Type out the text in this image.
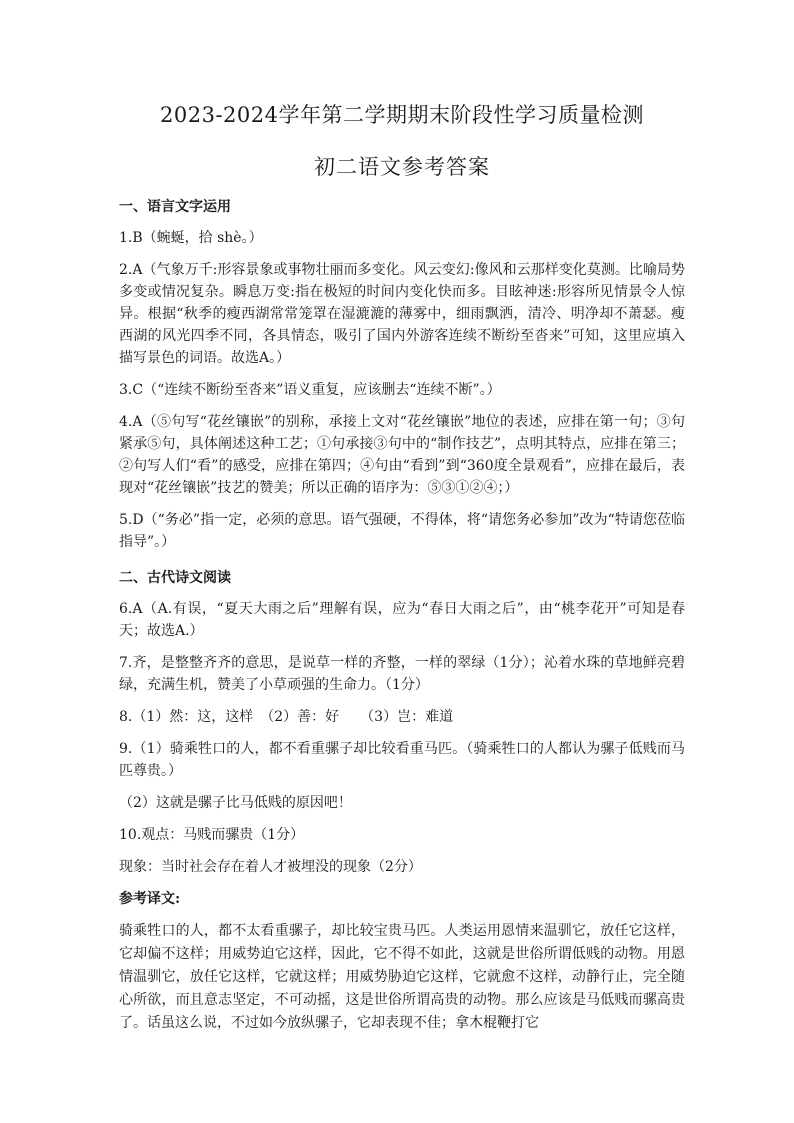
2023-2024学年第二学期期末阶段性学习质量检测
初二语文参考答案
一、语言文字运用

1.B（蜿蜒，拾 shè。）

2.A（气象万千:形容景象或事物壮丽而多变化。风云变幻:像风和云那样变化莫测。比喻局势多变或情况复杂。瞬息万变:指在极短的时间内变化快而多。目眩神迷:形容所见情景令人惊异。根据“秋季的瘦西湖常常笼罩在湿漉漉的薄雾中，细雨飘洒，清冷、明净却不萧瑟。瘦西湖的风光四季不同，各具情态，吸引了国内外游客连续不断纷至沓来”可知，这里应填入描写景色的词语。故选A。）

3.C（“连续不断纷至沓来”语义重复，应该删去“连续不断”。）

4.A（⑤句写“花丝镶嵌”的别称，承接上文对“花丝镶嵌”地位的表述，应排在第一句；③句紧承⑤句，具体阐述这种工艺；①句承接③句中的“制作技艺”，点明其特点，应排在第三；②句写人们“看”的感受，应排在第四；④句由“看到”到“360度全景观看”，应排在最后，表现对“花丝镶嵌”技艺的赞美；所以正确的语序为：⑤③①②④；）

5.D（“务必”指一定，必须的意思。语气强硬，不得体，将“请您务必参加”改为“特请您莅临指导”。）

二、古代诗文阅读

6.A（A.有误，“夏天大雨之后”理解有误，应为“春日大雨之后”，由“桃李花开”可知是春天；故选A.）

7.齐，是整整齐齐的意思，是说草一样的齐整，一样的翠绿（1分）；沁着水珠的草地鲜亮碧绿，充满生机，赞美了小草顽强的生命力。（1分）

8.（1）然：这，这样　（2）善：好　　（3）岂：难道

9.（1）骑乘牲口的人，都不看重骡子却比较看重马匹。（骑乘牲口的人都认为骡子低贱而马匹尊贵。）

（2）这就是骡子比马低贱的原因吧！

10.观点：马贱而骡贵（1分）

现象：当时社会存在着人才被埋没的现象（2分）

参考译文:

骑乘牲口的人，都不太看重骡子，却比较宝贵马匹。人类运用恩情来温驯它，放任它这样，它却偏不这样；用威势迫它这样，因此，它不得不如此，这就是世俗所谓低贱的动物。用恩情温驯它，放任它这样，它就这样；用威势胁迫它这样，它就愈不这样，动静行止，完全随心所欲，而且意志坚定，不可动摇，这是世俗所谓高贵的动物。那么应该是马低贱而骡高贵了。话虽这么说，不过如今放纵骡子，它却表现不佳；拿木棍鞭打它
